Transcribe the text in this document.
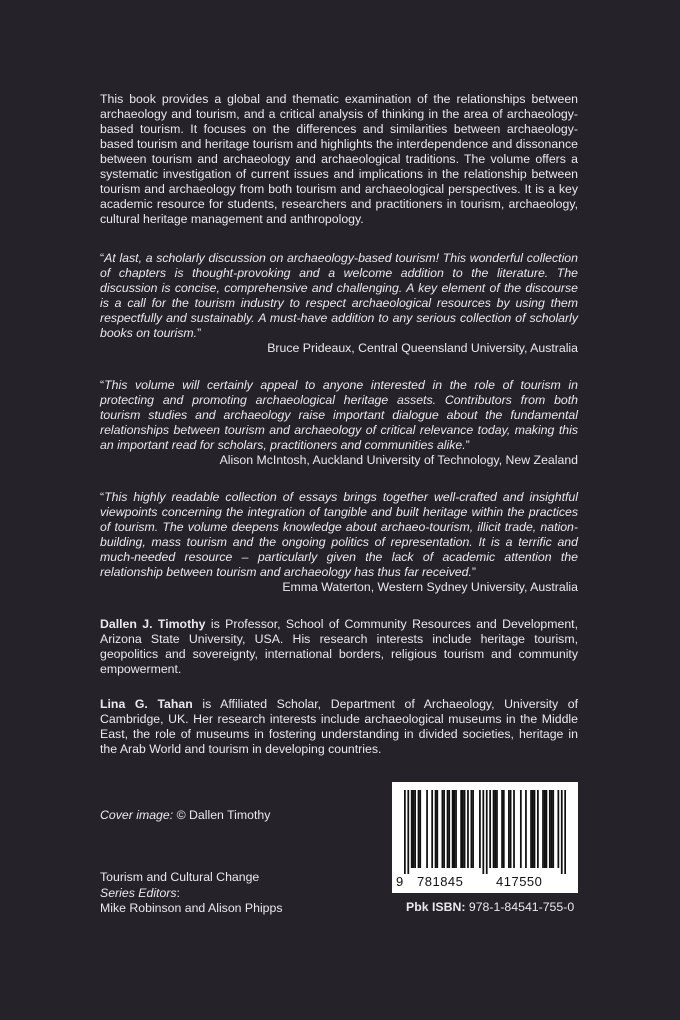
This book provides a global and thematic examination of the relationships between archaeology and tourism, and a critical analysis of thinking in the area of archaeology-based tourism. It focuses on the differences and similarities between archaeology-based tourism and heritage tourism and highlights the interdependence and dissonance between tourism and archaeology and archaeological traditions. The volume offers a systematic investigation of current issues and implications in the relationship between tourism and archaeology from both tourism and archaeological perspectives. It is a key academic resource for students, researchers and practitioners in tourism, archaeology, cultural heritage management and anthropology.

“At last, a scholarly discussion on archaeology-based tourism! This wonderful collection of chapters is thought-provoking and a welcome addition to the literature. The discussion is concise, comprehensive and challenging. A key element of the discourse is a call for the tourism industry to respect archaeological resources by using them respectfully and sustainably. A must-have addition to any serious collection of scholarly books on tourism.”

Bruce Prideaux, Central Queensland University, Australia

“This volume will certainly appeal to anyone interested in the role of tourism in protecting and promoting archaeological heritage assets. Contributors from both tourism studies and archaeology raise important dialogue about the fundamental relationships between tourism and archaeology of critical relevance today, making this an important read for scholars, practitioners and communities alike.”

Alison McIntosh, Auckland University of Technology, New Zealand

“This highly readable collection of essays brings together well-crafted and insightful viewpoints concerning the integration of tangible and built heritage within the practices of tourism. The volume deepens knowledge about archaeo-tourism, illicit trade, nation-building, mass tourism and the ongoing politics of representation. It is a terrific and much-needed resource – particularly given the lack of academic attention the relationship between tourism and archaeology has thus far received.”

Emma Waterton, Western Sydney University, Australia

Dallen J. Timothy is Professor, School of Community Resources and Development, Arizona State University, USA. His research interests include heritage tourism, geopolitics and sovereignty, international borders, religious tourism and community empowerment.

Lina G. Tahan is Affiliated Scholar, Department of Archaeology, University of Cambridge, UK. Her research interests include archaeological museums in the Middle East, the role of museums in fostering understanding in divided societies, heritage in the Arab World and tourism in developing countries.

Cover image: © Dallen Timothy
Tourism and Cultural Change
Series Editors:
Mike Robinson and Alison Phipps
9 781845	417550
Pbk ISBN: 978-1-84541-755-0
